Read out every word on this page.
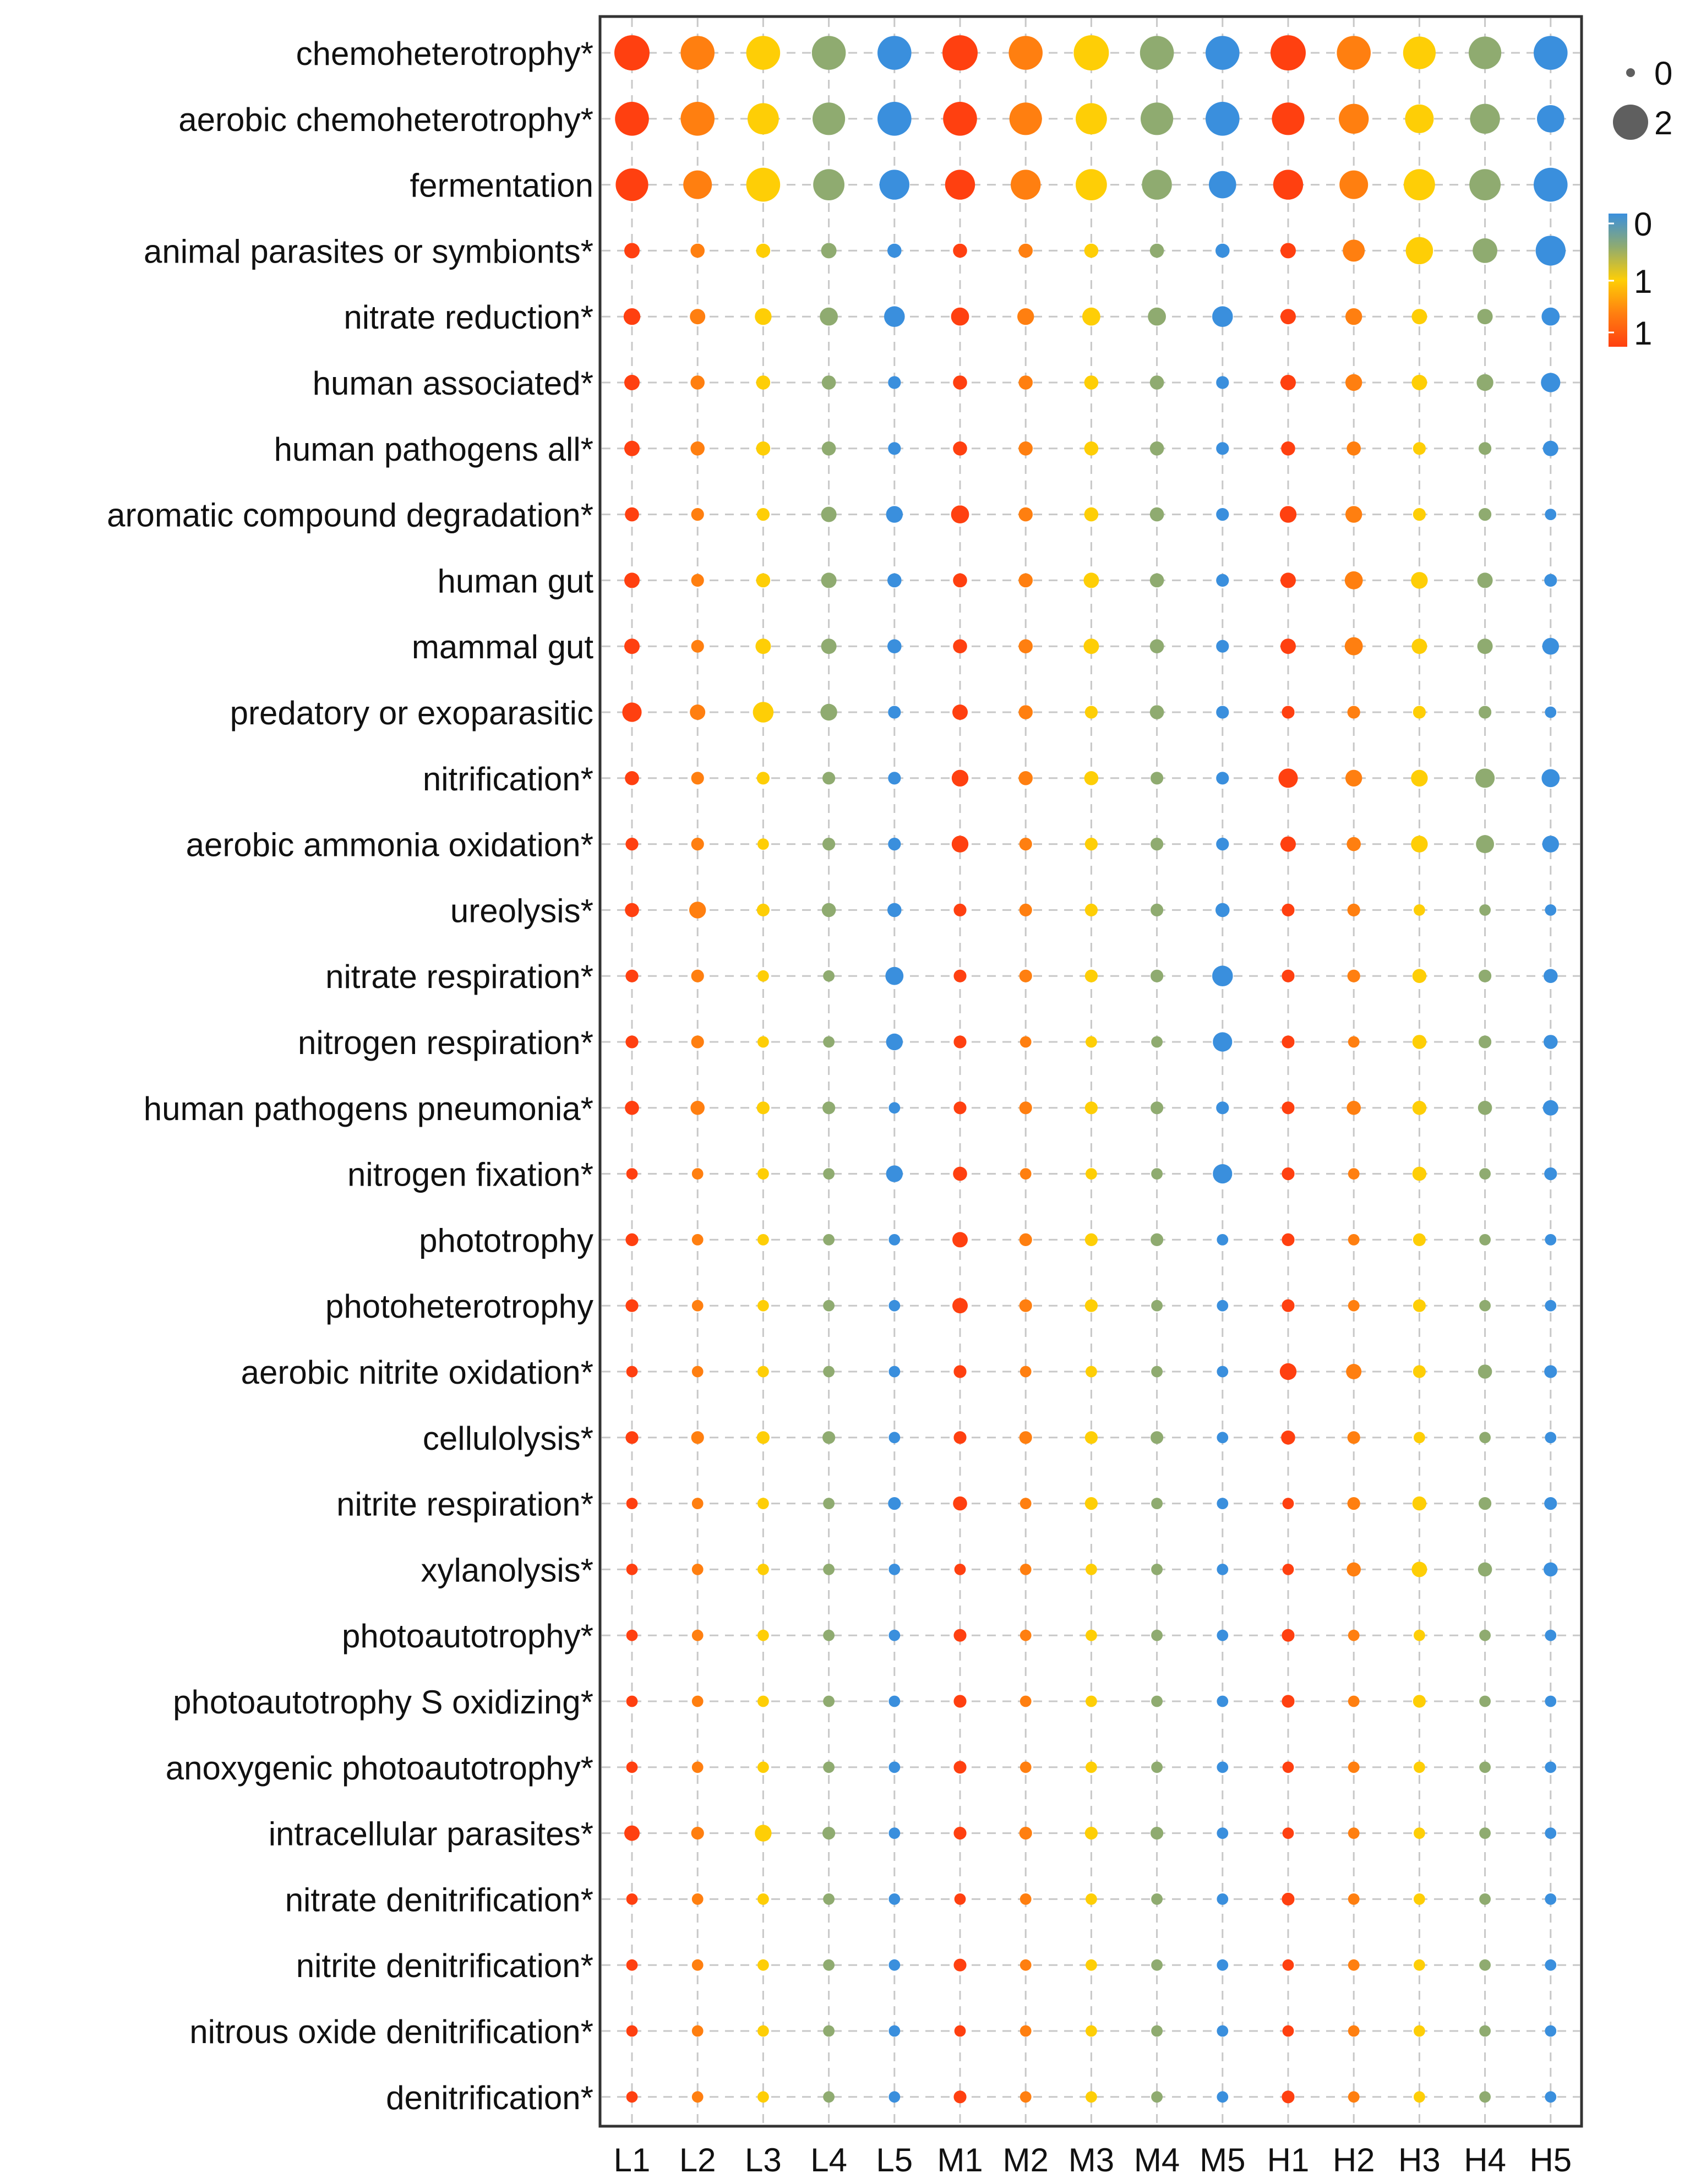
chemoheterotrophy*
aerobic chemoheterotrophy*
fermentation
animal parasites or symbionts*
nitrate reduction*
human associated*
human pathogens all*
aromatic compound degradation*
human gut
mammal gut
predatory or exoparasitic
nitrification*
aerobic ammonia oxidation*
ureolysis*
nitrate respiration*
nitrogen respiration*
human pathogens pneumonia*
nitrogen fixation*
phototrophy
photoheterotrophy
aerobic nitrite oxidation*
cellulolysis*
nitrite respiration*
xylanolysis*
photoautotrophy*
photoautotrophy S oxidizing*
anoxygenic photoautotrophy*
intracellular parasites*
nitrate denitrification*
nitrite denitrification*
nitrous oxide denitrification*
denitrification*
L1 L2 L3 L4 L5 M1 M2 M3 M4 M5 H1 H2 H3 H4 H5
0
2
0
1
1
